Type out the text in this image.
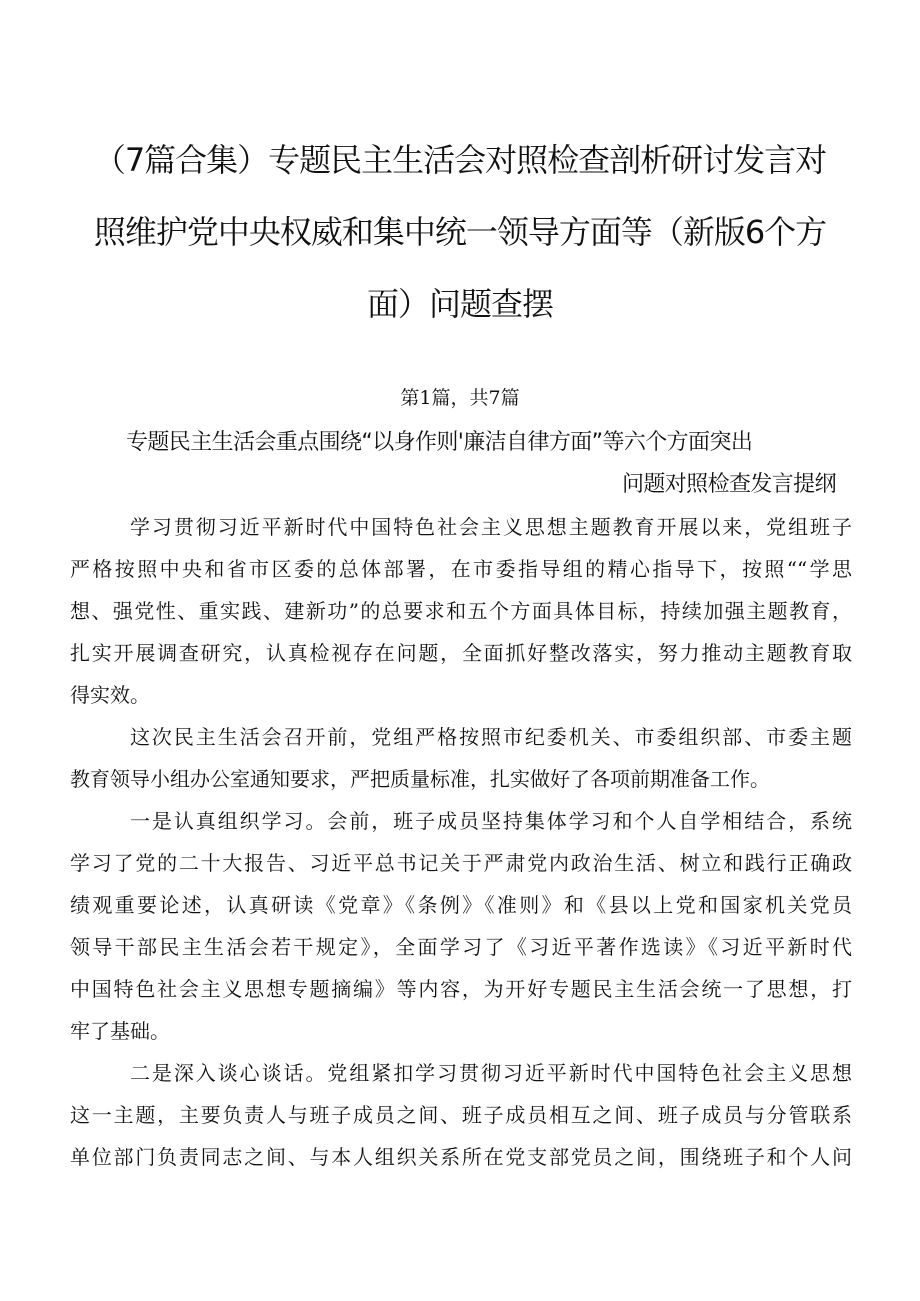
（7篇合集）专题民主生活会对照检查剖析研讨发言对
照维护党中央权威和集中统一领导方面等（新版6个方
面）问题查摆
第1篇，共7篇
专题民主生活会重点围绕“以身作则'廉洁自律方面”等六个方面突出
问题对照检查发言提纲
学习贯彻习近平新时代中国特色社会主义思想主题教育开展以来，党组班子
严格按照中央和省市区委的总体部署，在市委指导组的精心指导下，按照““学思
想、强党性、重实践、建新功”的总要求和五个方面具体目标，持续加强主题教育，
扎实开展调查研究，认真检视存在问题，全面抓好整改落实，努力推动主题教育取
得实效。
这次民主生活会召开前，党组严格按照市纪委机关、市委组织部、市委主题
教育领导小组办公室通知要求，严把质量标准，扎实做好了各项前期准备工作。
一是认真组织学习。会前，班子成员坚持集体学习和个人自学相结合，系统
学习了党的二十大报告、习近平总书记关于严肃党内政治生活、树立和践行正确政
绩观重要论述，认真研读《党章》《条例》《准则》和《县以上党和国家机关党员
领导干部民主生活会若干规定》，全面学习了《习近平著作选读》《习近平新时代
中国特色社会主义思想专题摘编》等内容，为开好专题民主生活会统一了思想，打
牢了基础。
二是深入谈心谈话。党组紧扣学习贯彻习近平新时代中国特色社会主义思想
这一主题，主要负责人与班子成员之间、班子成员相互之间、班子成员与分管联系
单位部门负责同志之间、与本人组织关系所在党支部党员之间，围绕班子和个人问
